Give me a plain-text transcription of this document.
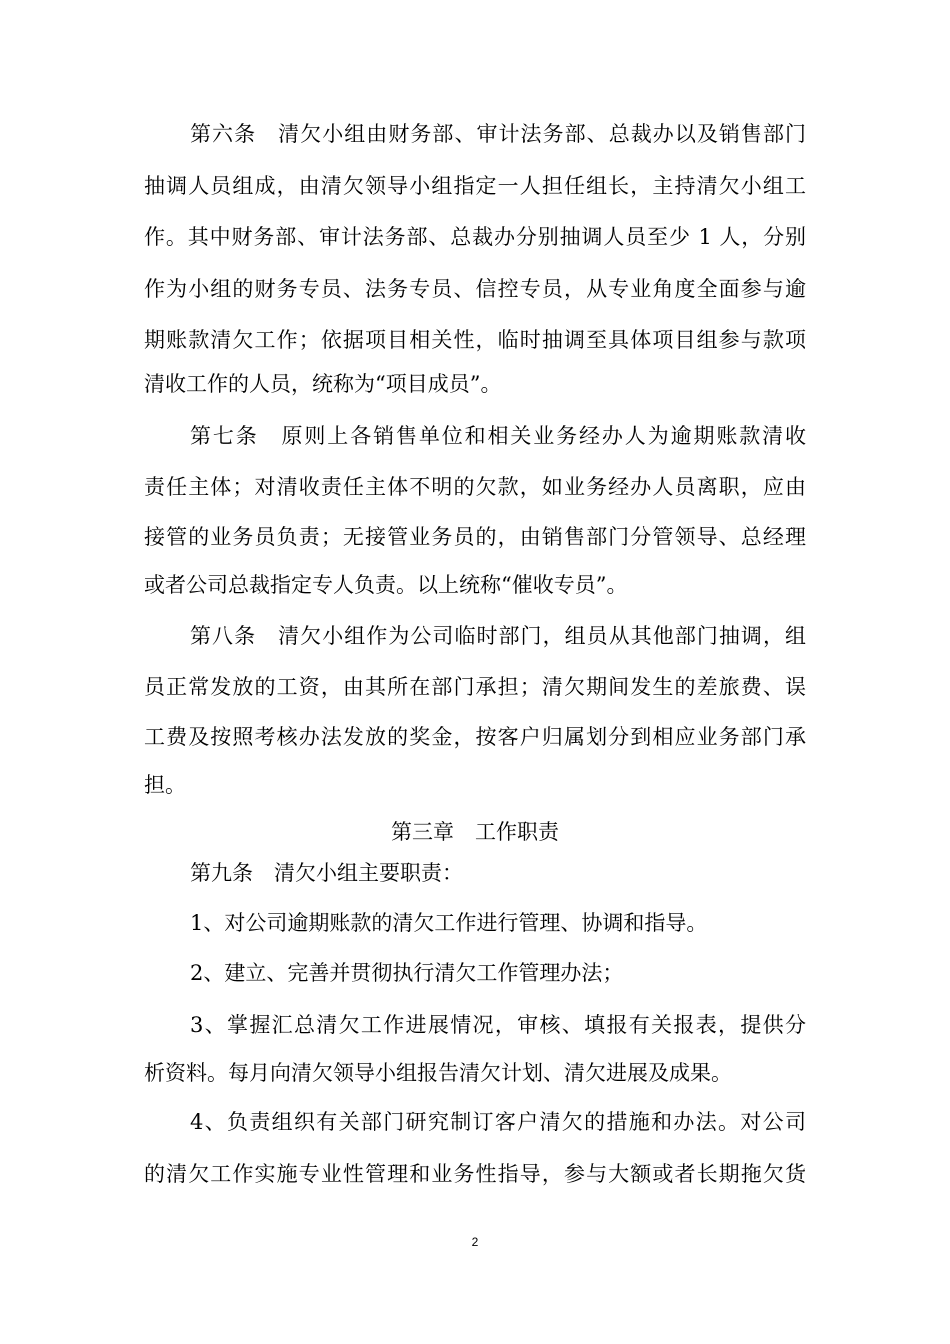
第六条　清欠小组由财务部、审计法务部、总裁办以及销售部门
抽调人员组成，由清欠领导小组指定一人担任组长，主持清欠小组工
作。其中财务部、审计法务部、总裁办分别抽调人员至少 1 人，分别
作为小组的财务专员、法务专员、信控专员，从专业角度全面参与逾
期账款清欠工作；依据项目相关性，临时抽调至具体项目组参与款项
清收工作的人员，统称为“项目成员”。
第七条　原则上各销售单位和相关业务经办人为逾期账款清收
责任主体；对清收责任主体不明的欠款，如业务经办人员离职，应由
接管的业务员负责；无接管业务员的，由销售部门分管领导、总经理
或者公司总裁指定专人负责。以上统称“催收专员”。
第八条　清欠小组作为公司临时部门，组员从其他部门抽调，组
员正常发放的工资，由其所在部门承担；清欠期间发生的差旅费、误
工费及按照考核办法发放的奖金，按客户归属划分到相应业务部门承
担。
第三章　工作职责
第九条　清欠小组主要职责：
1、对公司逾期账款的清欠工作进行管理、协调和指导。
2、建立、完善并贯彻执行清欠工作管理办法；
3、掌握汇总清欠工作进展情况，审核、填报有关报表，提供分
析资料。每月向清欠领导小组报告清欠计划、清欠进展及成果。
4、负责组织有关部门研究制订客户清欠的措施和办法。对公司
的清欠工作实施专业性管理和业务性指导，参与大额或者长期拖欠货
2
